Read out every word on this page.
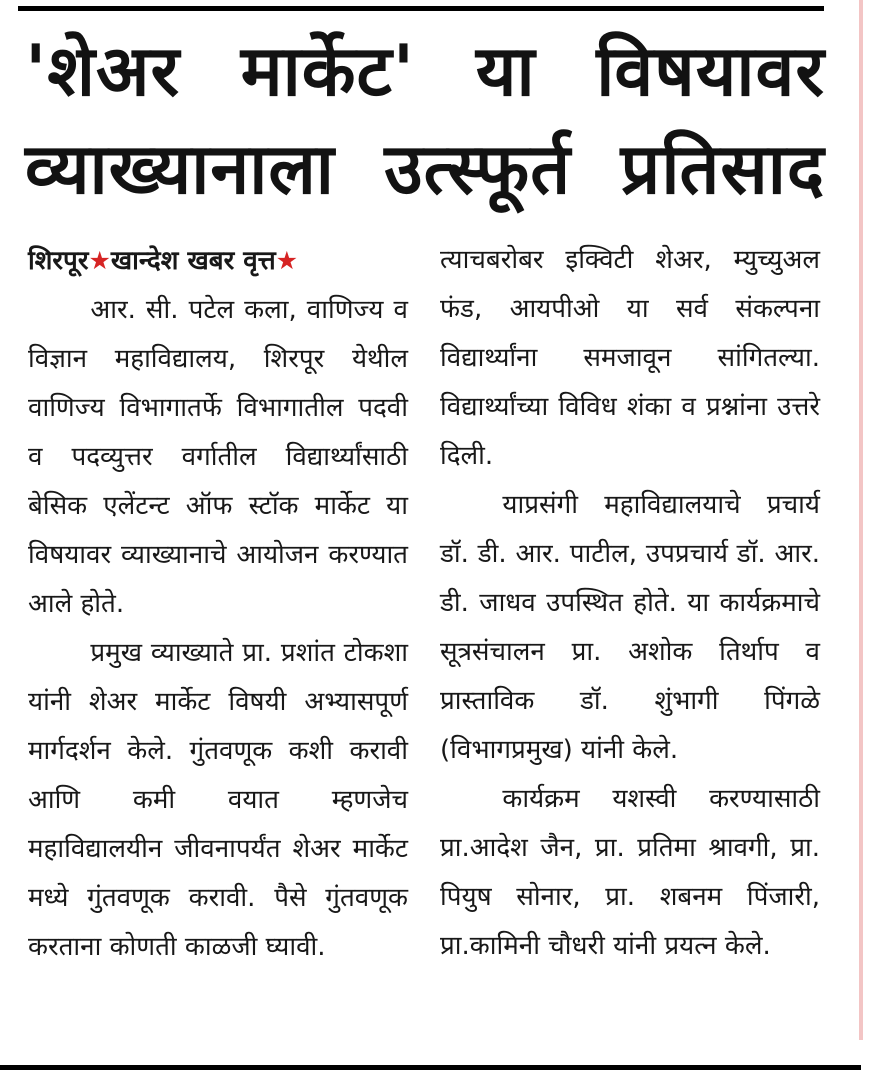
'शेअर मार्केट' या विषयावर
व्याख्यानाला उत्स्फूर्त प्रतिसाद

शिरपूर★खान्देश खबर वृत्त★

आर. सी. पटेल कला, वाणिज्य व विज्ञान महाविद्यालय, शिरपूर येथील वाणिज्य विभागातर्फे विभागातील पदवी व पदव्युत्तर वर्गातील विद्यार्थ्यांसाठी बेसिक एलेंटन्ट ऑफ स्टॉक मार्केट या विषयावर व्याख्यानाचे आयोजन करण्यात आले होते.

प्रमुख व्याख्याते प्रा. प्रशांत टोकशा यांनी शेअर मार्केट विषयी अभ्यासपूर्ण मार्गदर्शन केले. गुंतवणूक कशी करावी आणि कमी वयात म्हणजेच महाविद्यालयीन जीवनापर्यंत शेअर मार्केट मध्ये गुंतवणूक करावी. पैसे गुंतवणूक करताना कोणती काळजी घ्यावी.

त्याचबरोबर इक्विटी शेअर, म्युच्युअल फंड, आयपीओ या सर्व संकल्पना विद्यार्थ्यांना समजावून सांगितल्या. विद्यार्थ्यांच्या विविध शंका व प्रश्नांना उत्तरे दिली.

याप्रसंगी महाविद्यालयाचे प्रचार्य डॉ. डी. आर. पाटील, उपप्रचार्य डॉ. आर. डी. जाधव उपस्थित होते. या कार्यक्रमाचे सूत्रसंचालन प्रा. अशोक तिर्थाप व प्रास्ताविक डॉ. शुंभागी पिंगळे (विभागप्रमुख) यांनी केले.

कार्यक्रम यशस्वी करण्यासाठी प्रा.आदेश जैन, प्रा. प्रतिमा श्रावगी, प्रा. पियुष सोनार, प्रा. शबनम पिंजारी, प्रा.कामिनी चौधरी यांनी प्रयत्न केले.
